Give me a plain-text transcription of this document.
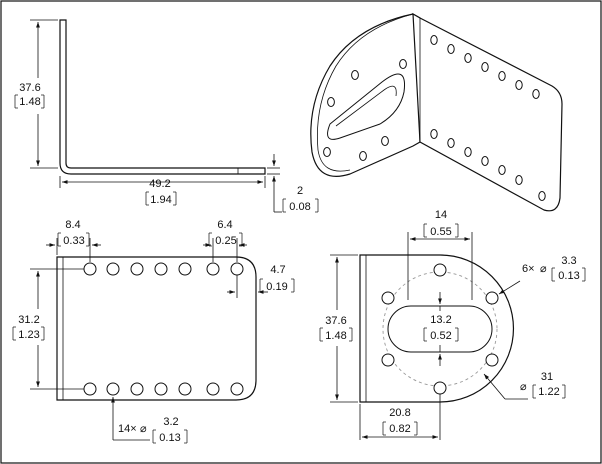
37.6
1.48
49.2
1.94
2
0.08
8.4
0.33
6.4
0.25
4.7
0.19
31.2
1.23
14× ⌀
3.2
0.13
14
0.55
13.2
0.52
37.6
1.48
20.8
0.82
6× ⌀
3.3
0.13
⌀
31
1.22
